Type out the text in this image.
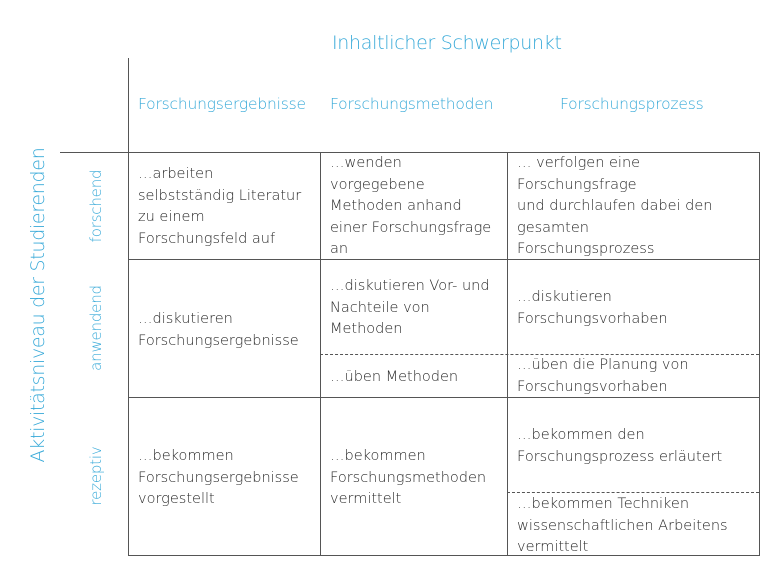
Inhaltlicher Schwerpunkt
Aktivitätsniveau der Studierenden
Forschungsergebnisse Forschungsmethoden	Forschungsprozess
forschend
anwendend
rezeptiv
…arbeiten
selbstständig Literatur
zu einem
Forschungsfeld auf
…wenden
vorgegebene
Methoden anhand
einer Forschungsfrage
an
… verfolgen eine
Forschungsfrage
und durchlaufen dabei den
gesamten
Forschungsprozess
…diskutieren
Forschungsergebnisse
…diskutieren Vor- und
Nachteile von
Methoden
…üben Methoden
…diskutieren
Forschungsvorhaben
…üben die Planung von
Forschungsvorhaben
…bekommen
Forschungsergebnisse
vorgestellt
…bekommen
Forschungsmethoden
vermittelt
…bekommen den
Forschungsprozess erläutert
…bekommen Techniken
wissenschaftlichen Arbeitens
vermittelt
